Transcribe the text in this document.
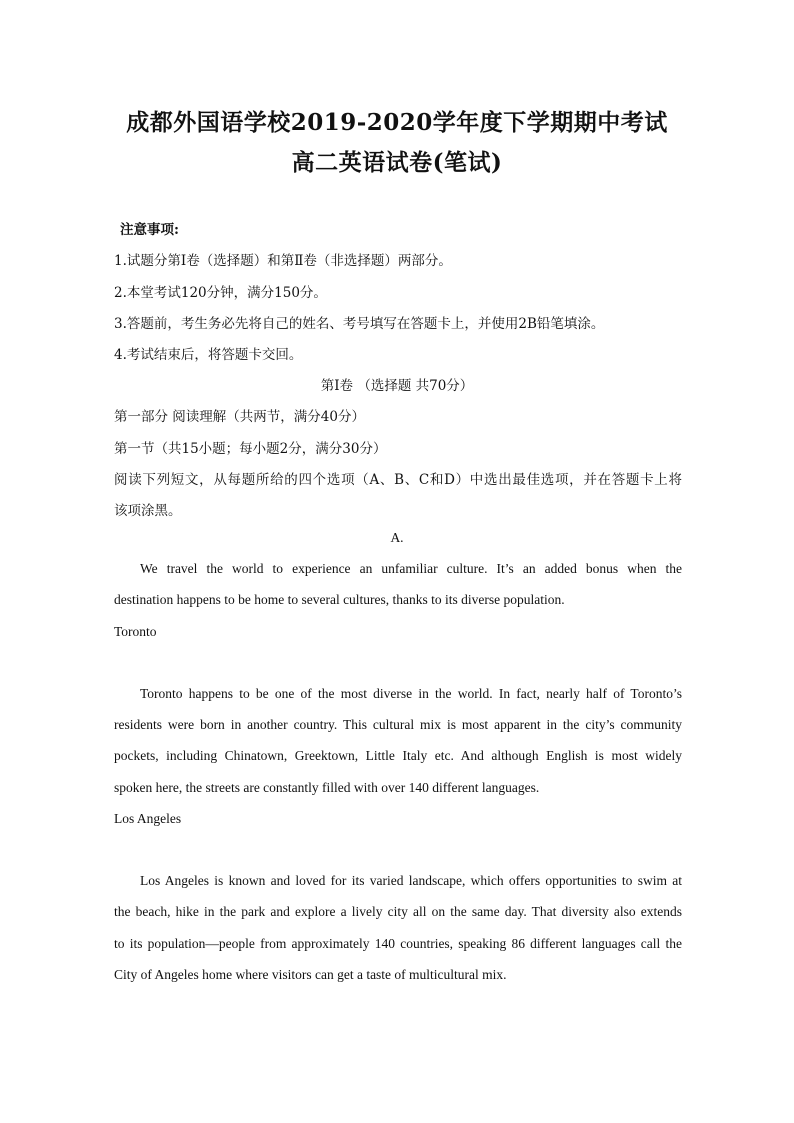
成都外国语学校2019-2020学年度下学期期中考试
高二英语试卷(笔试)
注意事项:
1.试题分第Ⅰ卷（选择题）和第Ⅱ卷（非选择题）两部分。
2.本堂考试120分钟，满分150分。
3.答题前，考生务必先将自己的姓名、考号填写在答题卡上，并使用2B铅笔填涂。
4.考试结束后，将答题卡交回。
第Ⅰ卷 （选择题 共70分）
第一部分 阅读理解（共两节，满分40分）
第一节（共15小题；每小题2分，满分30分）
阅读下列短文，从每题所给的四个选项（A、B、C和D）中选出最佳选项，并在答题卡上将
该项涂黑。
A.
We travel the world to experience an unfamiliar culture. It’s an added bonus when the
destination happens to be home to several cultures, thanks to its diverse population.
Toronto
Toronto happens to be one of the most diverse in the world. In fact, nearly half of Toronto’s
residents were born in another country. This cultural mix is most apparent in the city’s community
pockets, including Chinatown, Greektown, Little Italy etc. And although English is most widely
spoken here, the streets are constantly filled with over 140 different languages.
Los Angeles
Los Angeles is known and loved for its varied landscape, which offers opportunities to swim at
the beach, hike in the park and explore a lively city all on the same day. That diversity also extends
to its population—people from approximately 140 countries, speaking 86 different languages call the
City of Angeles home where visitors can get a taste of multicultural mix.
